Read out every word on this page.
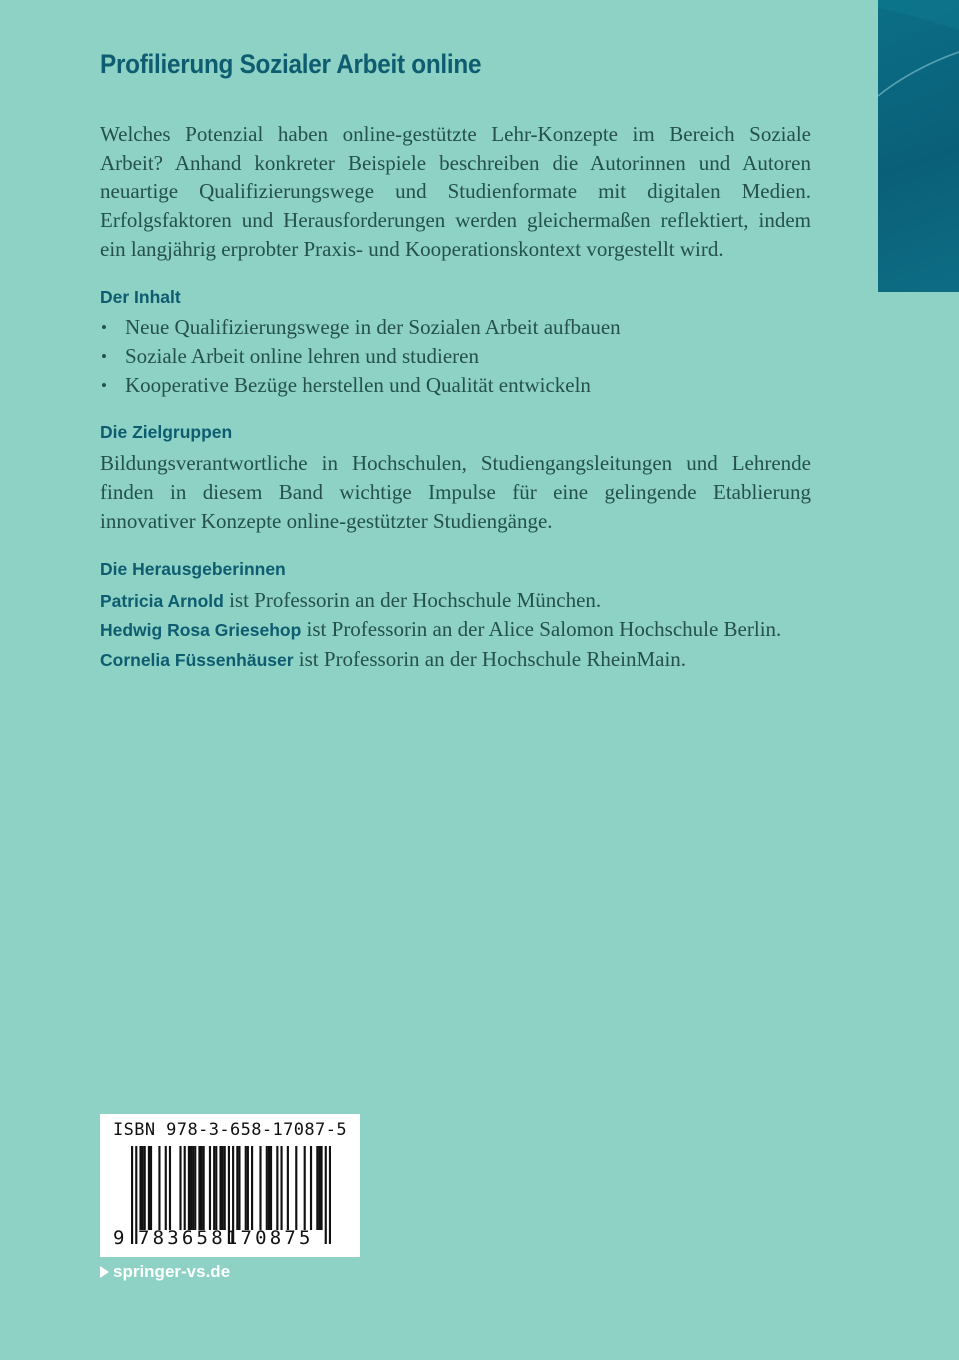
Profilierung Sozialer Arbeit online

Welches Potenzial haben online-gestützte Lehr-Konzepte im Bereich Soziale Arbeit? Anhand konkreter Beispiele beschreiben die Autorinnen und Autoren neuartige Qualifizierungswege und Studienformate mit digitalen Medien. Erfolgsfaktoren und Herausforderungen werden gleichermaßen reflektiert, indem ein langjährig erprobter Praxis- und Kooperationskontext vorgestellt wird.

Der Inhalt
• Neue Qualifizierungswege in der Sozialen Arbeit aufbauen
• Soziale Arbeit online lehren und studieren
• Kooperative Bezüge herstellen und Qualität entwickeln
Die Zielgruppen

Bildungsverantwortliche in Hochschulen, Studiengangsleitungen und Lehrende finden in diesem Band wichtige Impulse für eine gelingende Etablierung innovativer Konzepte online-gestützter Studiengänge.

Die Herausgeberinnen

Patricia Arnold ist Professorin an der Hochschule München.

Hedwig Rosa Griesehop ist Professorin an der Alice Salomon Hochschule Berlin.

Cornelia Füssenhäuser ist Professorin an der Hochschule RheinMain.

ISBN 978-3-658-17087-5
9 783658170875
springer-vs.de
